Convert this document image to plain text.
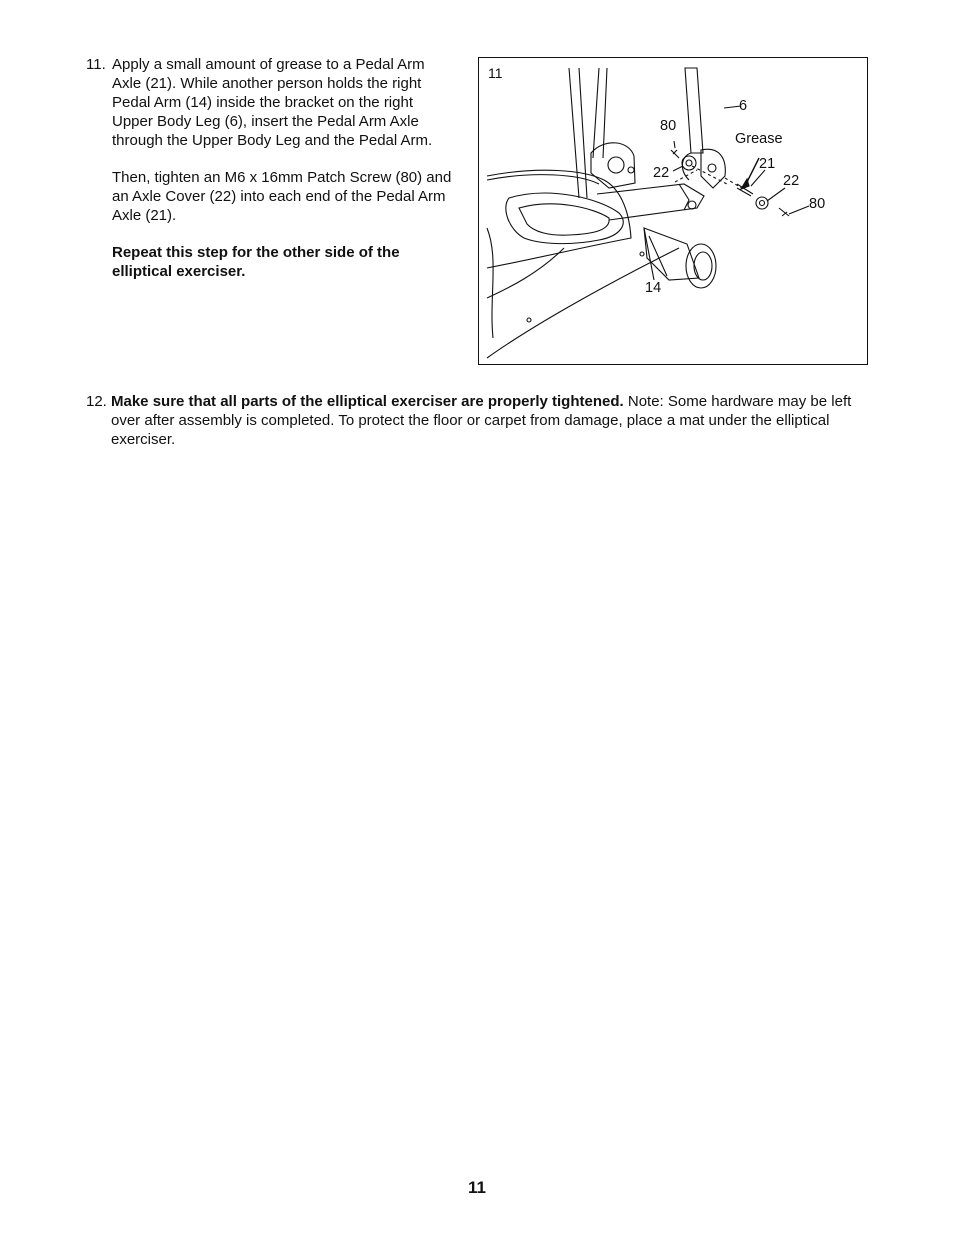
11. Apply a small amount of grease to a Pedal Arm Axle (21). While another person holds the right Pedal Arm (14) inside the bracket on the right Upper Body Leg (6), insert the Pedal Arm Axle through the Upper Body Leg and the Pedal Arm.

Then, tighten an M6 x 16mm Patch Screw (80) and an Axle Cover (22) into each end of the Pedal Arm Axle (21).

Repeat this step for the other side of the elliptical exerciser.

11
6
80
Grease
22
21
22
80
14
12. Make sure that all parts of the elliptical exerciser are properly tightened. Note: Some hardware may be left over after assembly is completed. To protect the floor or carpet from damage, place a mat under the elliptical exerciser.
11
